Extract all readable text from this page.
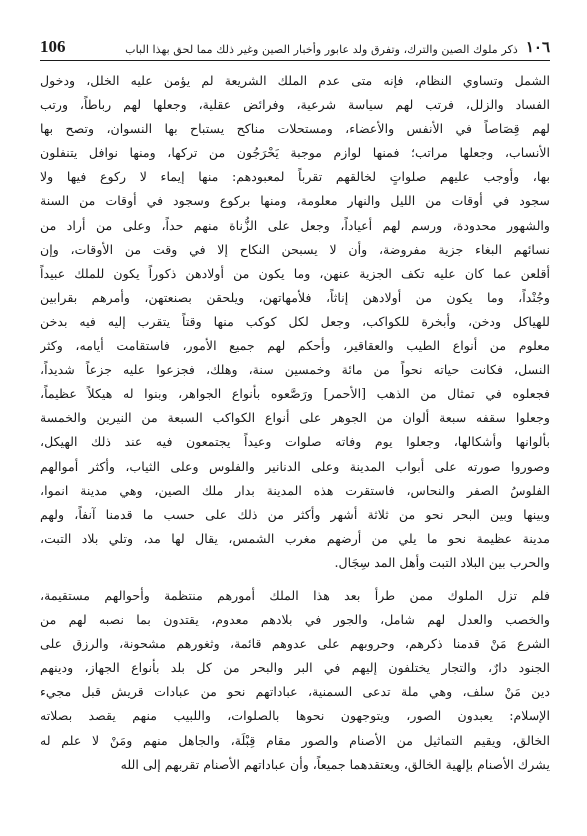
106	١٠٦
ذكر ملوك الصين والترك، وتفرق ولد عابور وأخبار الصين وغير ذلك مما لحق بهذا الباب

الشمل وتساوي النظام، فإنه متى عدم الملك الشريعة لم يؤمن عليه الخلل، ودخول
الفساد والزلل، فرتب لهم سياسة شرعية، وفرائض عقلية، وجعلها لهم رباطاً، ورتب
لهم قِصَاصاً في الأنفس والأعضاء، ومستحلات مناكح يستباح بها النسوان، وتصح بها
الأنساب، وجعلها مراتب؛ فمنها لوازم موجبة يَحْرَجُون من تركها، ومنها نوافل يتنفلون
بها، وأوجب عليهم صلواتٍ لخالقهم تقرباً لمعبودهم: منها إيماء لا ركوع فيها ولا
سجود في أوقات من الليل والنهار معلومة، ومنها بركوع وسجود في أوقات من السنة
والشهور محدودة، ورسم لهم أعياداً، وجعل على الزُّناة منهم حداً، وعلى من أراد من
نسائهم البغاء جزية مفروضة، وأن لا يسبحن النكاح إلا في وقت من الأوقات، وإن
أقلعن عما كان عليه تكف الجزية عنهن، وما يكون من أولادهن ذكوراً يكون للملك عبيداً
وجُنْداً، وما يكون من أولادهن إناثاً، فلأمهاتهن، ويلحقن بصنعتهن، وأمرهم بقرابين
للهياكل ودخن، وأبخرة للكواكب، وجعل لكل كوكب منها وقتاً يتقرب إليه فيه بدخن
معلوم من أنواع الطيب والعقاقير، وأحكم لهم جميع الأمور، فاستقامت أيامه، وكثر
النسل، فكانت حياته نحواً من مائة وخمسين سنة، وهلك، فجزعوا عليه جزعاً شديداً،
فجعلوه في تمثال من الذهب [الأحمر] ورَصَّعوه بأنواع الجواهر، وبنوا له هيكلاً عظيماً،
وجعلوا سقفه سبعة ألوان من الجوهر على أنواع الكواكب السبعة من النيرين والخمسة
بألوانها وأشكالها، وجعلوا يوم وفاته صلوات وعيداً يجتمعون فيه عند ذلك الهيكل،
وصوروا صورته على أبواب المدينة وعلى الدنانير والفلوس وعلى الثياب، وأكثر أموالهم
الفلوسُ الصفر والنحاس، فاستقرت هذه المدينة بدار ملك الصين، وهي مدينة انموا،
وبينها وبين البحر نحو من ثلاثة أشهر وأكثر من ذلك على حسب ما قدمنا آنفاً، ولهم
مدينة عظيمة نحو ما يلي من أرضهم مغرب الشمس، يقال لها مد، وتلي بلاد التبت،
والحرب بين البلاد التبت وأهل المد سِجَال.

فلم تزل الملوك ممن طرأ بعد هذا الملك أمورهم منتظمة وأحوالهم مستقيمة،
والخصب والعدل لهم شامل، والجور في بلادهم معدوم، يقتدون بما نصبه لهم من
الشرع مَنْ قدمنا ذكرهم، وحروبهم على عدوهم قائمة، وثغورهم مشحونة، والرزق على
الجنود دارٌ، والتجار يختلفون إليهم في البر والبحر من كل بلد بأنواع الجهاز، ودينهم
دين مَنْ سلف، وهي ملة تدعى السمنية، عباداتهم نحو من عبادات قريش قبل مجيء
الإسلام: يعبدون الصور، ويتوجهون نحوها بالصلوات، واللبيب منهم يقصد بصلاته
الخالق، ويقيم التماثيل من الأصنام والصور مقام قِبْلَة، والجاهل منهم ومَنْ لا علم له
يشرك الأصنام بإلهية الخالق، ويعتقدهما جميعاً، وأن عباداتهم الأصنام تقربهم إلى الله
